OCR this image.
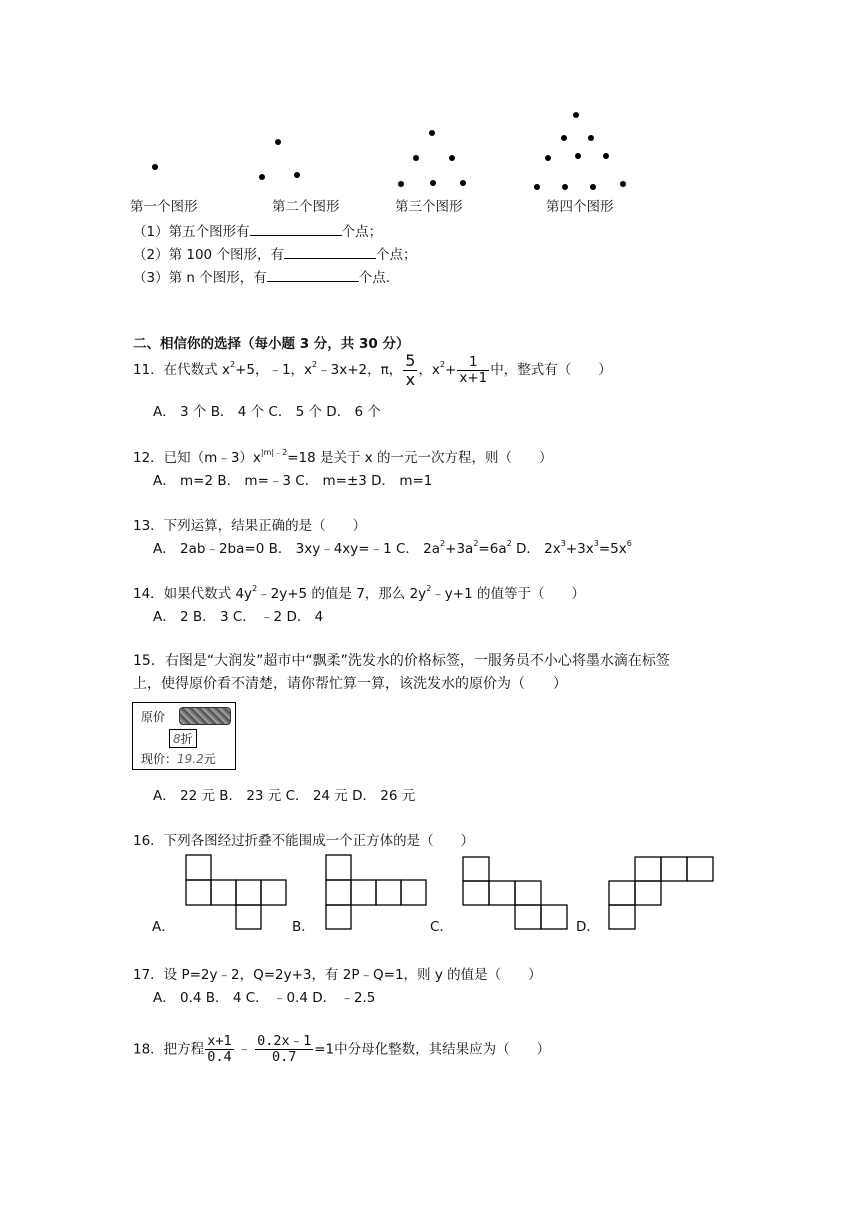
第一个图形	第二个图形	第三个图形	第四个图形
（1）第五个图形有	个点；
（2）第 100 个图形，有	个点；
（3）第 n 个图形，有	个点.
二、相信你的选择（每小题 3 分，共 30 分）
11．在代数式 $x^2+5$，﹣1，$x^2﹣3x+2$，π， $\frac{5}{x}$ ，$x^2+ \frac{1}{x+1}$ 中，整式有（　　）
A． 3 个 B． 4 个 C． 5 个 D． 6 个
12．已知$(m﹣3)x^{|m|﹣2}=18$ 是关于 x 的一元一次方程，则（　　）
A． m=2 B． m=﹣3 C． m=±3 D． m=1
13．下列运算，结果正确的是（　　）
A． 2ab﹣2ba=0 B． 3xy﹣4xy=﹣1 C． $2a^2+3a^2=6a^2$ D． $2x^3+3x^3=5x^6$
14．如果代数式 $4y^2﹣2y+5$ 的值是 7，那么 $2y^2﹣y+1$ 的值等于（　　）
A． 2 B． 3 C． ﹣2 D． 4
15．右图是“大润发”超市中“飘柔”洗发水的价格标签，一服务员不小心将墨水滴在标签
上，使得原价看不清楚，请你帮忙算一算，该洗发水的原价为（　　）
原价
8折
现价：19.2元
A． 22 元 B． 23 元 C． 24 元 D． 26 元
16．下列各图经过折叠不能围成一个正方体的是（　　）
A．	B．	C．	D．
17．设 P=2y﹣2，Q=2y+3，有 2P﹣Q=1，则 y 的值是（　　）
A． 0.4 B． 4 C． ﹣0.4 D． ﹣2.5
18．把方程 $\frac{x+1}{0.4}$ ﹣ $\frac{0.2x﹣1}{0.7} =1$中分母化整数，其结果应为（　　）
